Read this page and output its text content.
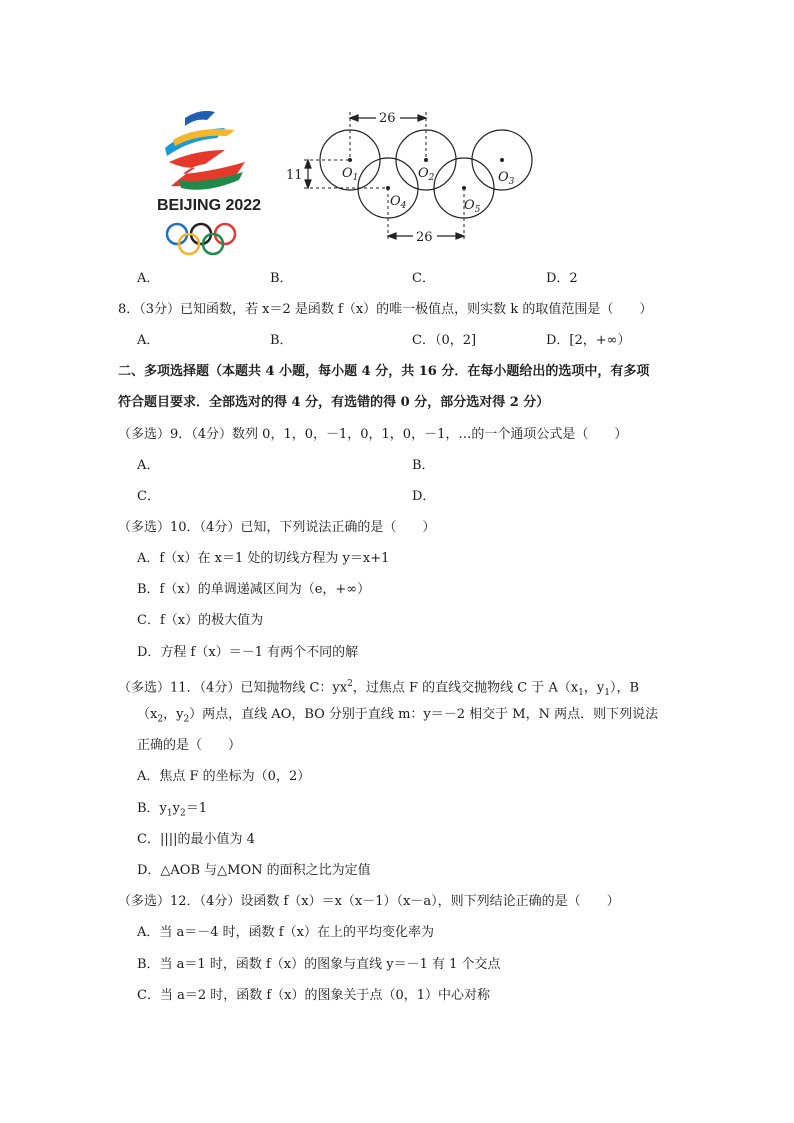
BEIJING 2022
26
26
11	$O_1$	$O_2$	$O_3$
$O_4$	$O_5$
A．	B．	C．	D．2
8．（3分）已知函数，若 x＝2 是函数 f（x）的唯一极值点，则实数 k 的取值范围是（　　）
A．	B．	C．（0，2]	D．[2，+∞）
二、多项选择题（本题共 4 小题，每小题 4 分，共 16 分．在每小题给出的选项中，有多项
符合题目要求．全部选对的得 4 分，有选错的得 0 分，部分选对得 2 分）
（多选）9．（4分）数列 0，1，0，－1，0，1，0，－1，…的一个通项公式是（　　）
A．	B．
C．	D．
（多选）10．（4分）已知，下列说法正确的是（　　）
A．f（x）在 x＝1 处的切线方程为 y＝x+1
B．f（x）的单调递减区间为（e，+∞）
C．f（x）的极大值为
D．方程 f（x）＝－1 有两个不同的解
（多选）11．（4分）已知抛物线 C：$yx^2$，过焦点 F 的直线交抛物线 C 于 $A(x_1$，$y_1$），B
（$x_2$，$y_2$）两点，直线 AO，BO 分别于直线 m：y＝－2 相交于 M，N 两点．则下列说法
正确的是（　　）
A．焦点 F 的坐标为（0，2）
B．$y_1y_2=1$
C．||||的最小值为 4
D．△AOB 与△MON 的面积之比为定值
（多选）12．（4分）设函数 f（x）＝x（x－1）（x－a），则下列结论正确的是（　　）
A．当 a＝－4 时，函数 f（x）在上的平均变化率为
B．当 a＝1 时，函数 f（x）的图象与直线 y＝－1 有 1 个交点
C．当 a＝2 时，函数 f（x）的图象关于点（0，1）中心对称
